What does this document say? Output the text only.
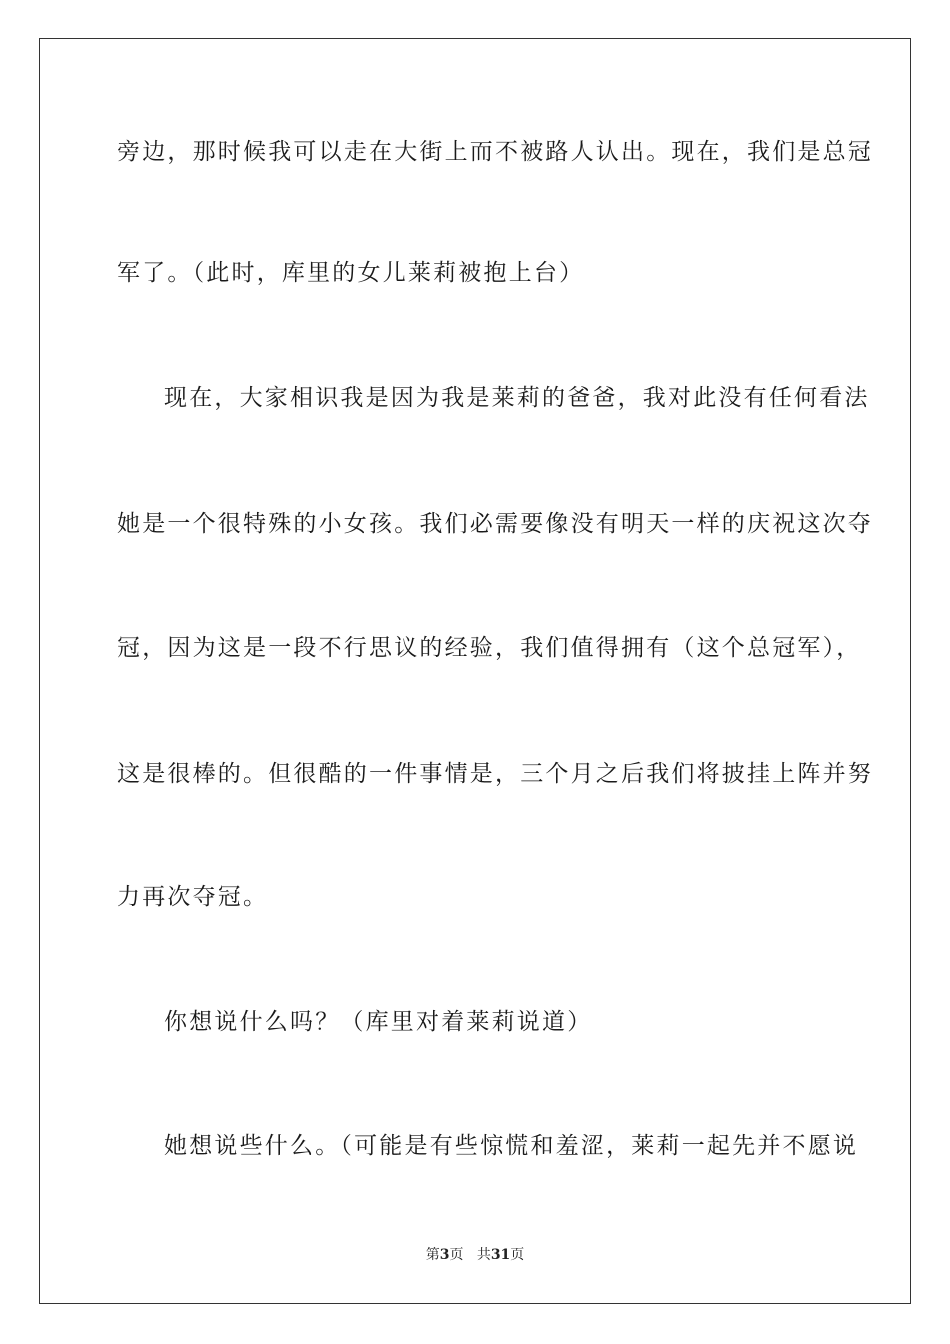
旁边，那时候我可以走在大街上而不被路人认出。现在，我们是总冠
军了。（此时，库里的女儿莱莉被抱上台）
现在，大家相识我是因为我是莱莉的爸爸，我对此没有任何看法
她是一个很特殊的小女孩。我们必需要像没有明天一样的庆祝这次夺
冠，因为这是一段不行思议的经验，我们值得拥有（这个总冠军），
这是很棒的。但很酷的一件事情是，三个月之后我们将披挂上阵并努
力再次夺冠。
你想说什么吗？（库里对着莱莉说道）
她想说些什么。（可能是有些惊慌和羞涩，莱莉一起先并不愿说
第3页 共31页
